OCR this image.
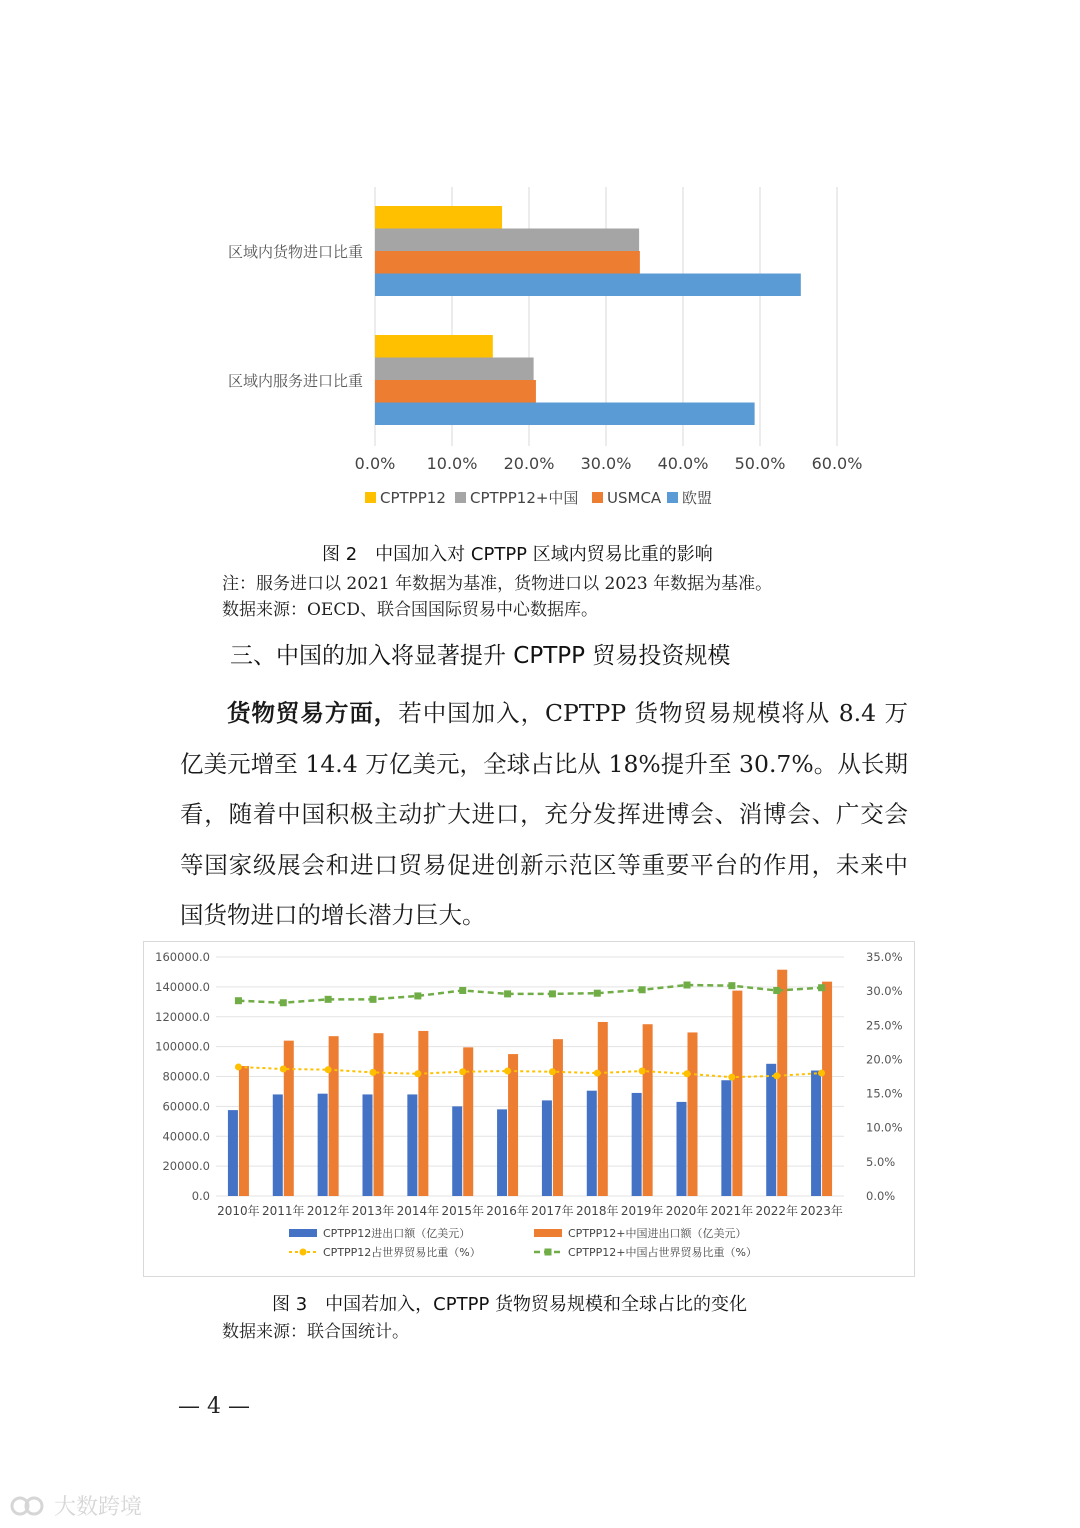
区域内货物进口比重
区域内服务进口比重
0.0% 10.0% 20.0% 30.0% 40.0% 50.0% 60.0%
CPTPP12 CPTPP12+中国 USMCA 欧盟
图 2　中国加入对 CPTPP 区域内贸易比重的影响
注：服务进口以 2021 年数据为基准，货物进口以 2023 年数据为基准。
数据来源：OECD、联合国国际贸易中心数据库。
三、中国的加入将显著提升 CPTPP 贸易投资规模

货物贸易方面，若中国加入，CPTPP 货物贸易规模将从 8.4 万亿美元增至 14.4 万亿美元，全球占比从 18%提升至 30.7%。从长期看，随着中国积极主动扩大进口，充分发挥进博会、消博会、广交会等国家级展会和进口贸易促进创新示范区等重要平台的作用，未来中国货物进口的增长潜力巨大。

0.0
20000.0
40000.0
60000.0
80000.0
100000.0
120000.0
140000.0
160000.0
0.0%
5.0%
10.0%
15.0%
20.0%
25.0%
30.0%
35.0%
2010年 2011年 2012年 2013年 2014年 2015年 2016年 2017年 2018年 2019年 2020年 2021年 2022年 2023年
CPTPP12进出口额（亿美元）	CPTPP12+中国进出口额（亿美元）
CPTPP12占世界贸易比重（%）	CPTPP12+中国占世界贸易比重（%）
图 3　中国若加入，CPTPP 货物贸易规模和全球占比的变化
数据来源：联合国统计。
— 4 —
大数跨境
